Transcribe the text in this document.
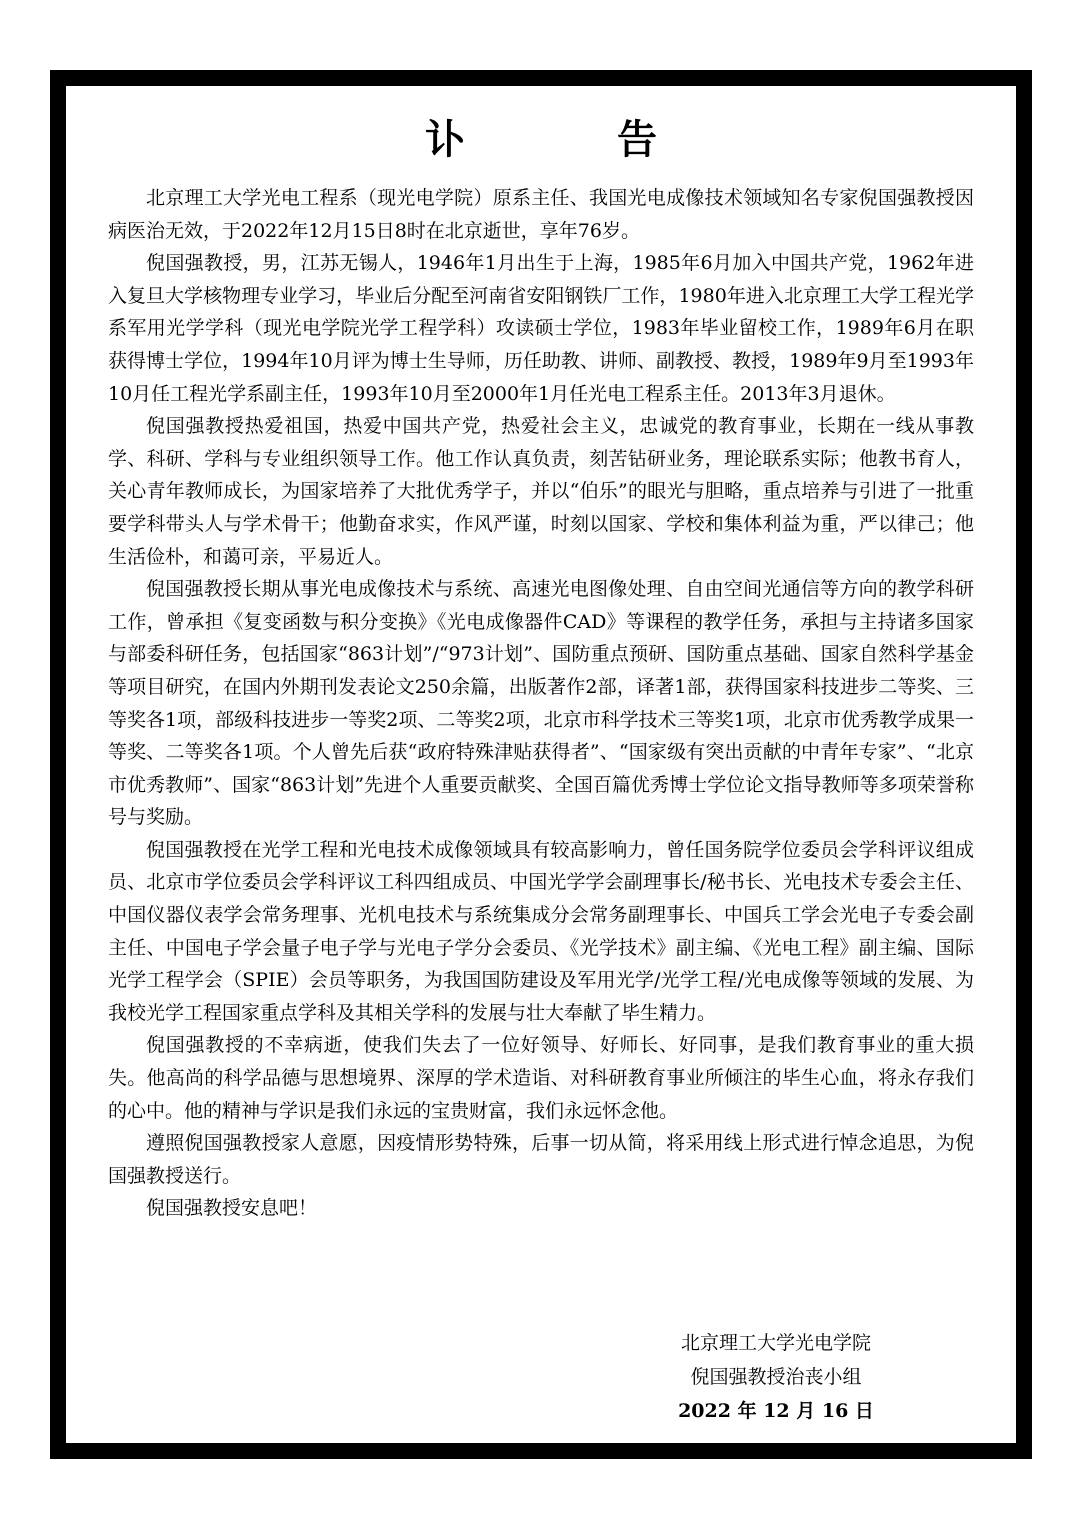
讣　告

北京理工大学光电工程系（现光电学院）原系主任、我国光电成像技术领域知名专家倪国强教授因病医治无效，于2022年12月15日8时在北京逝世，享年76岁。

倪国强教授，男，江苏无锡人，1946年1月出生于上海，1985年6月加入中国共产党，1962年进入复旦大学核物理专业学习，毕业后分配至河南省安阳钢铁厂工作，1980年进入北京理工大学工程光学系军用光学学科（现光电学院光学工程学科）攻读硕士学位，1983年毕业留校工作，1989年6月在职获得博士学位，1994年10月评为博士生导师，历任助教、讲师、副教授、教授，1989年9月至1993年10月任工程光学系副主任，1993年10月至2000年1月任光电工程系主任。2013年3月退休。

倪国强教授热爱祖国，热爱中国共产党，热爱社会主义，忠诚党的教育事业，长期在一线从事教学、科研、学科与专业组织领导工作。他工作认真负责，刻苦钻研业务，理论联系实际；他教书育人，关心青年教师成长，为国家培养了大批优秀学子，并以“伯乐”的眼光与胆略，重点培养与引进了一批重要学科带头人与学术骨干；他勤奋求实，作风严谨，时刻以国家、学校和集体利益为重，严以律己；他生活俭朴，和蔼可亲，平易近人。

倪国强教授长期从事光电成像技术与系统、高速光电图像处理、自由空间光通信等方向的教学科研工作，曾承担《复变函数与积分变换》《光电成像器件CAD》等课程的教学任务，承担与主持诸多国家与部委科研任务，包括国家“863计划”/“973计划”、国防重点预研、国防重点基础、国家自然科学基金等项目研究，在国内外期刊发表论文250余篇，出版著作2部，译著1部，获得国家科技进步二等奖、三等奖各1项，部级科技进步一等奖2项、二等奖2项，北京市科学技术三等奖1项，北京市优秀教学成果一等奖、二等奖各1项。个人曾先后获“政府特殊津贴获得者”、“国家级有突出贡献的中青年专家”、“北京市优秀教师”、国家“863计划”先进个人重要贡献奖、全国百篇优秀博士学位论文指导教师等多项荣誉称号与奖励。

倪国强教授在光学工程和光电技术成像领域具有较高影响力，曾任国务院学位委员会学科评议组成员、北京市学位委员会学科评议工科四组成员、中国光学学会副理事长/秘书长、光电技术专委会主任、中国仪器仪表学会常务理事、光机电技术与系统集成分会常务副理事长、中国兵工学会光电子专委会副主任、中国电子学会量子电子学与光电子学分会委员、《光学技术》副主编、《光电工程》副主编、国际光学工程学会（SPIE）会员等职务，为我国国防建设及军用光学/光学工程/光电成像等领域的发展、为我校光学工程国家重点学科及其相关学科的发展与壮大奉献了毕生精力。

倪国强教授的不幸病逝，使我们失去了一位好领导、好师长、好同事，是我们教育事业的重大损失。他高尚的科学品德与思想境界、深厚的学术造诣、对科研教育事业所倾注的毕生心血，将永存我们的心中。他的精神与学识是我们永远的宝贵财富，我们永远怀念他。

遵照倪国强教授家人意愿，因疫情形势特殊，后事一切从简，将采用线上形式进行悼念追思，为倪国强教授送行。

倪国强教授安息吧！

北京理工大学光电学院
倪国强教授治丧小组
2022 年 12 月 16 日
